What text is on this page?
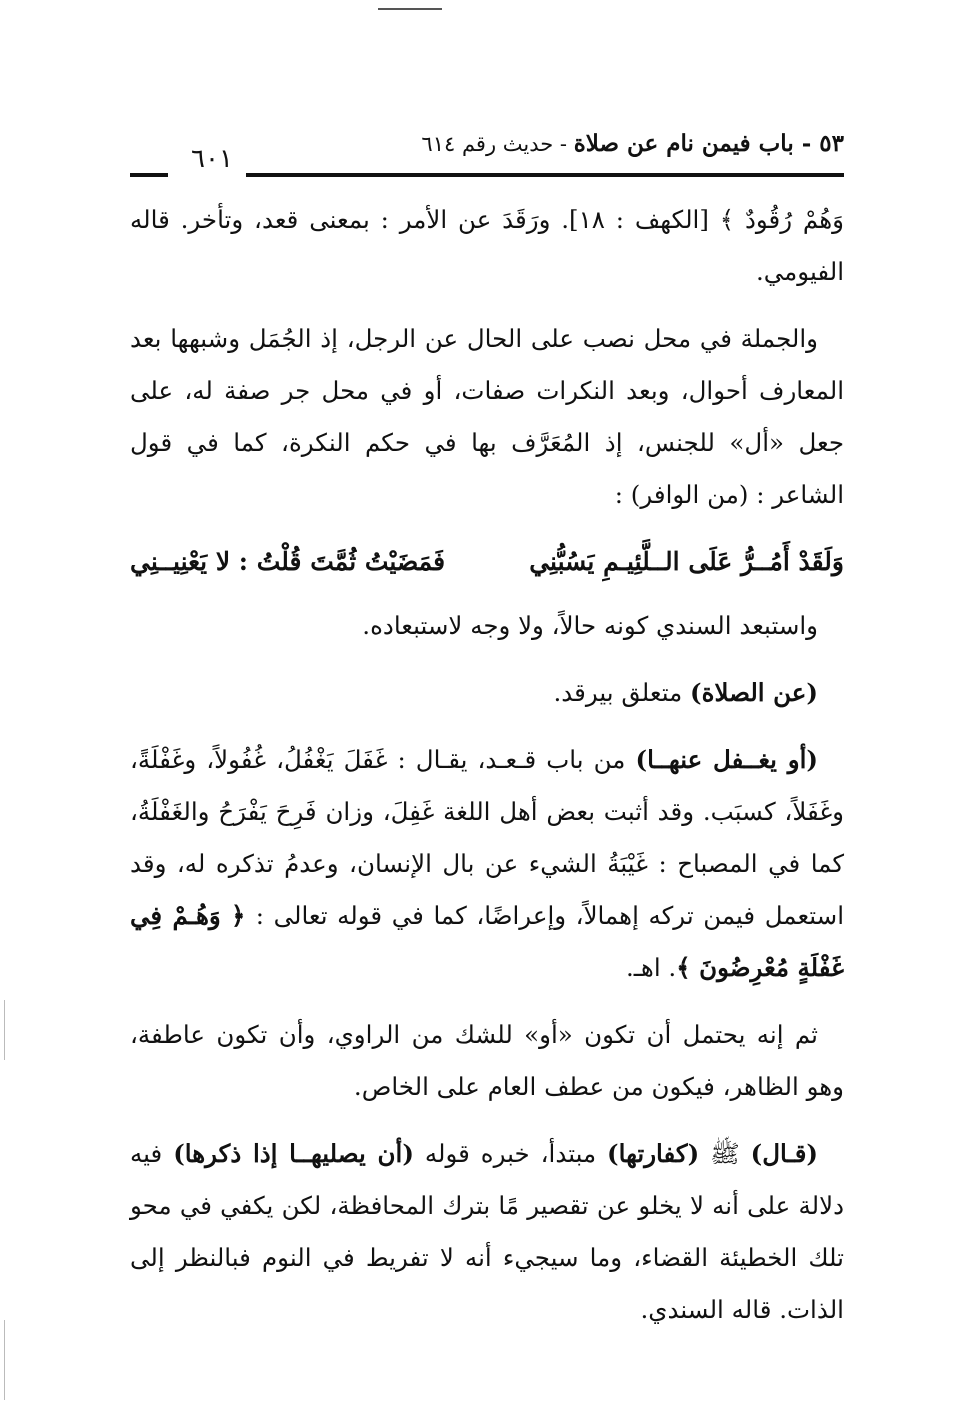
٥٣ - باب فيمن نام عن صلاة - حديث رقم ٦١٤
٦٠١

وَهُمْ رُقُودٌ ﴾ [الكهف : ١٨]. ورَقَدَ عن الأمر : بمعنى قعد، وتأخر. قاله الفيومي.

والجملة في محل نصب على الحال عن الرجل، إذ الجُمَل وشبهها بعد المعارف أحوال، وبعد النكرات صفات، أو في محل جر صفة له، على جعل «أل» للجنس، إذ المُعَرَّف بها في حكم النكرة، كما في قول الشاعر : (من الوافر) :

وَلَقَدْ أَمُــرُّ عَلَى الــلَّئِيـمِ يَسُبُّنِي
فَمَضَيْتُ ثُمَّتَ قُلْتُ : لا يَعْنِيــنِي

واستبعد السندي كونه حالاً، ولا وجه لاستبعاده.

(عن الصلاة) متعلق بيرقد.

(أو يغــفل عنهــا) من باب قـعـد، يقـال : غَفَلَ يَغْفُلُ، غُفُولاً، وغَفْلَةً، وغَفَلاً، كسبَب. وقد أثبت بعض أهل اللغة غَفِلَ، وزان فَرِحَ يَفْرَحُ والغَفْلَةُ، كما في المصباح : غَيْبَةُ الشيء عن بال الإنسان، وعدمُ تذكره له، وقد استعمل فيمن تركه إهمالاً، وإعراضًا، كما في قوله تعالى : ﴿ وَهُـمْ فِي غَفْلَةٍ مُعْرِضُونَ ﴾. اهـ.

ثم إنه يحتمل أن تكون «أو» للشك من الراوي، وأن تكون عاطفة، وهو الظاهر، فيكون من عطف العام على الخاص.

(قـال) ﷺ (كفارتها) مبتدأ، خبره قوله (أن يصليهــا إذا ذكرها) فيه دلالة على أنه لا يخلو عن تقصير مًا بترك المحافظة، لكن يكفي في محو تلك الخطيئة القضاء، وما سيجيء أنه لا تفريط في النوم فبالنظر إلى الذات. قاله السندي.
